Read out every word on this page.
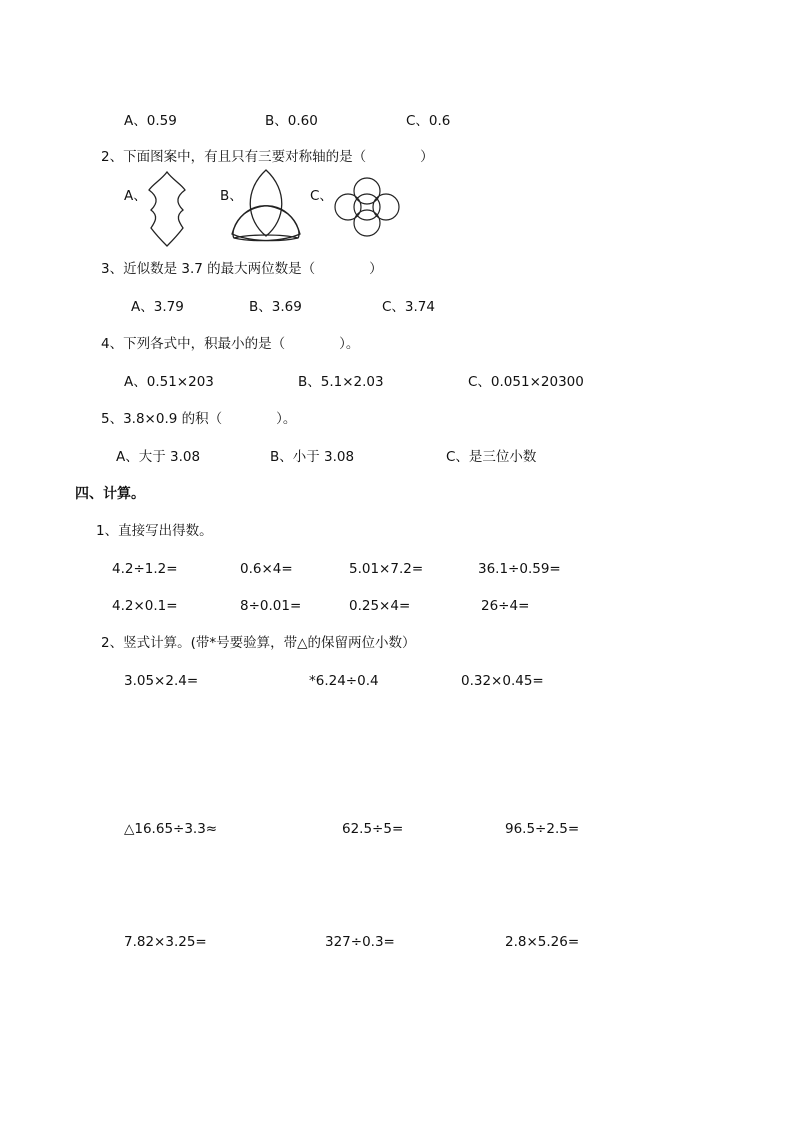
A、0.59	B、0.60	C、0.6
2、下面图案中，有且只有三要对称轴的是（　　　　）
A、	B、	C、
3、近似数是 3.7 的最大两位数是（　　　　）
A、3.79	B、3.69	C、3.74
4、下列各式中，积最小的是（　　　　）。
A、0.51×203	B、5.1×2.03	C、0.051×20300
5、3.8×0.9 的积（　　　　）。
A、大于 3.08	B、小于 3.08	C、是三位小数
四、计算。
1、直接写出得数。
4.2÷1.2=	0.6×4=	5.01×7.2=	36.1÷0.59=
4.2×0.1=	8÷0.01=	0.25×4=	26÷4=
2、竖式计算。(带*号要验算，带△的保留两位小数）
3.05×2.4=	*6.24÷0.4	0.32×0.45=
△16.65÷3.3≈	62.5÷5=	96.5÷2.5=
7.82×3.25=	327÷0.3=	2.8×5.26=
